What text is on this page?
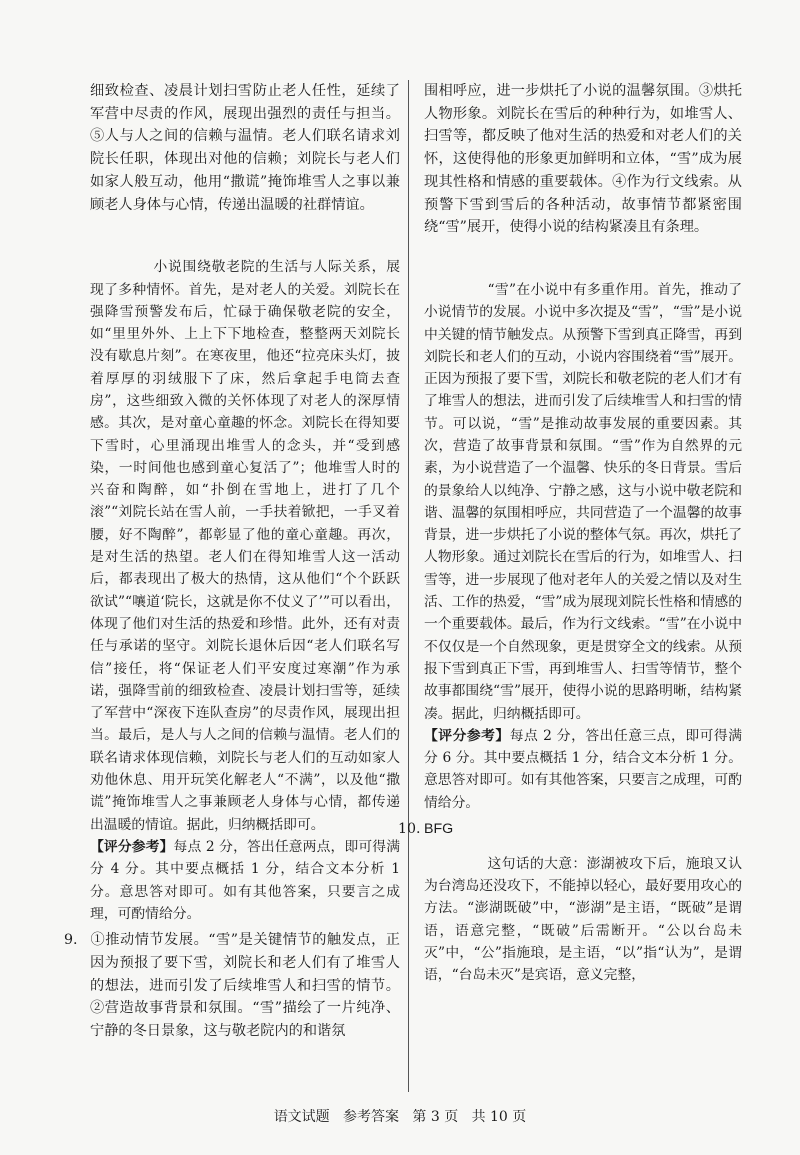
细致检查、凌晨计划扫雪防止老人任性，延续了军营中尽责的作风，展现出强烈的责任与担当。⑤人与人之间的信赖与温情。老人们联名请求刘院长任职，体现出对他的信赖；刘院长与老人们如家人般互动，他用“撒谎”掩饰堆雪人之事以兼顾老人身体与心情，传递出温暖的社群情谊。

小说围绕敬老院的生活与人际关系，展现了多种情怀。首先，是对老人的关爱。刘院长在强降雪预警发布后，忙碌于确保敬老院的安全，如“里里外外、上上下下地检查，整整两天刘院长没有歇息片刻”。在寒夜里，他还“拉亮床头灯，披着厚厚的羽绒服下了床，然后拿起手电筒去查房”，这些细致入微的关怀体现了对老人的深厚情感。其次，是对童心童趣的怀念。刘院长在得知要下雪时，心里涌现出堆雪人的念头，并“受到感染，一时间他也感到童心复活了”；他堆雪人时的兴奋和陶醉，如“扑倒在雪地上，进打了几个滚”“刘院长站在雪人前，一手扶着锨把，一手叉着腰，好不陶醉”，都彰显了他的童心童趣。再次，是对生活的热望。老人们在得知堆雪人这一活动后，都表现出了极大的热情，这从他们“个个跃跃欲试”“嚷道‘院长，这就是你不仗义了’”可以看出，体现了他们对生活的热爱和珍惜。此外，还有对责任与承诺的坚守。刘院长退休后因“老人们联名写信”接任，将“保证老人们平安度过寒潮”作为承诺，强降雪前的细致检查、凌晨计划扫雪等，延续了军营中“深夜下连队查房”的尽责作风，展现出担当。最后，是人与人之间的信赖与温情。老人们的联名请求体现信赖，刘院长与老人们的互动如家人劝他休息、用开玩笑化解老人“不满”，以及他“撒谎”掩饰堆雪人之事兼顾老人身体与心情，都传递出温暖的情谊。据此，归纳概括即可。

【评分参考】每点 2 分，答出任意两点，即可得满分 4 分。其中要点概括 1 分，结合文本分析 1 分。意思答对即可。如有其他答案，只要言之成理，可酌情给分。

9. ①推动情节发展。“雪”是关键情节的触发点，正因为预报了要下雪，刘院长和老人们有了堆雪人的想法，进而引发了后续堆雪人和扫雪的情节。②营造故事背景和氛围。“雪”描绘了一片纯净、宁静的冬日景象，这与敬老院内的和谐氛

围相呼应，进一步烘托了小说的温馨氛围。③烘托人物形象。刘院长在雪后的种种行为，如堆雪人、扫雪等，都反映了他对生活的热爱和对老人们的关怀，这使得他的形象更加鲜明和立体，“雪”成为展现其性格和情感的重要载体。④作为行文线索。从预警下雪到雪后的各种活动，故事情节都紧密围绕“雪”展开，使得小说的结构紧凑且有条理。

“雪”在小说中有多重作用。首先，推动了小说情节的发展。小说中多次提及“雪”，“雪”是小说中关键的情节触发点。从预警下雪到真正降雪，再到刘院长和老人们的互动，小说内容围绕着“雪”展开。正因为预报了要下雪，刘院长和敬老院的老人们才有了堆雪人的想法，进而引发了后续堆雪人和扫雪的情节。可以说，“雪”是推动故事发展的重要因素。其次，营造了故事背景和氛围。“雪”作为自然界的元素，为小说营造了一个温馨、快乐的冬日背景。雪后的景象给人以纯净、宁静之感，这与小说中敬老院和谐、温馨的氛围相呼应，共同营造了一个温馨的故事背景，进一步烘托了小说的整体气氛。再次，烘托了人物形象。通过刘院长在雪后的行为，如堆雪人、扫雪等，进一步展现了他对老年人的关爱之情以及对生活、工作的热爱，“雪”成为展现刘院长性格和情感的一个重要载体。最后，作为行文线索。“雪”在小说中不仅仅是一个自然现象，更是贯穿全文的线索。从预报下雪到真正下雪，再到堆雪人、扫雪等情节，整个故事都围绕“雪”展开，使得小说的思路明晰，结构紧凑。据此，归纳概括即可。

【评分参考】每点 2 分，答出任意三点，即可得满分 6 分。其中要点概括 1 分，结合文本分析 1 分。意思答对即可。如有其他答案，只要言之成理，可酌情给分。

10. BFG

这句话的大意：澎湖被攻下后，施琅又认为台湾岛还没攻下，不能掉以轻心，最好要用攻心的方法。“澎湖既破”中，“澎湖”是主语，“既破”是谓语，语意完整，“既破”后需断开。“公以台岛未灭”中，“公”指施琅，是主语，“以”指“认为”，是谓语，“台岛未灭”是宾语，意义完整，

语文试题 参考答案 第 3 页 共 10 页
